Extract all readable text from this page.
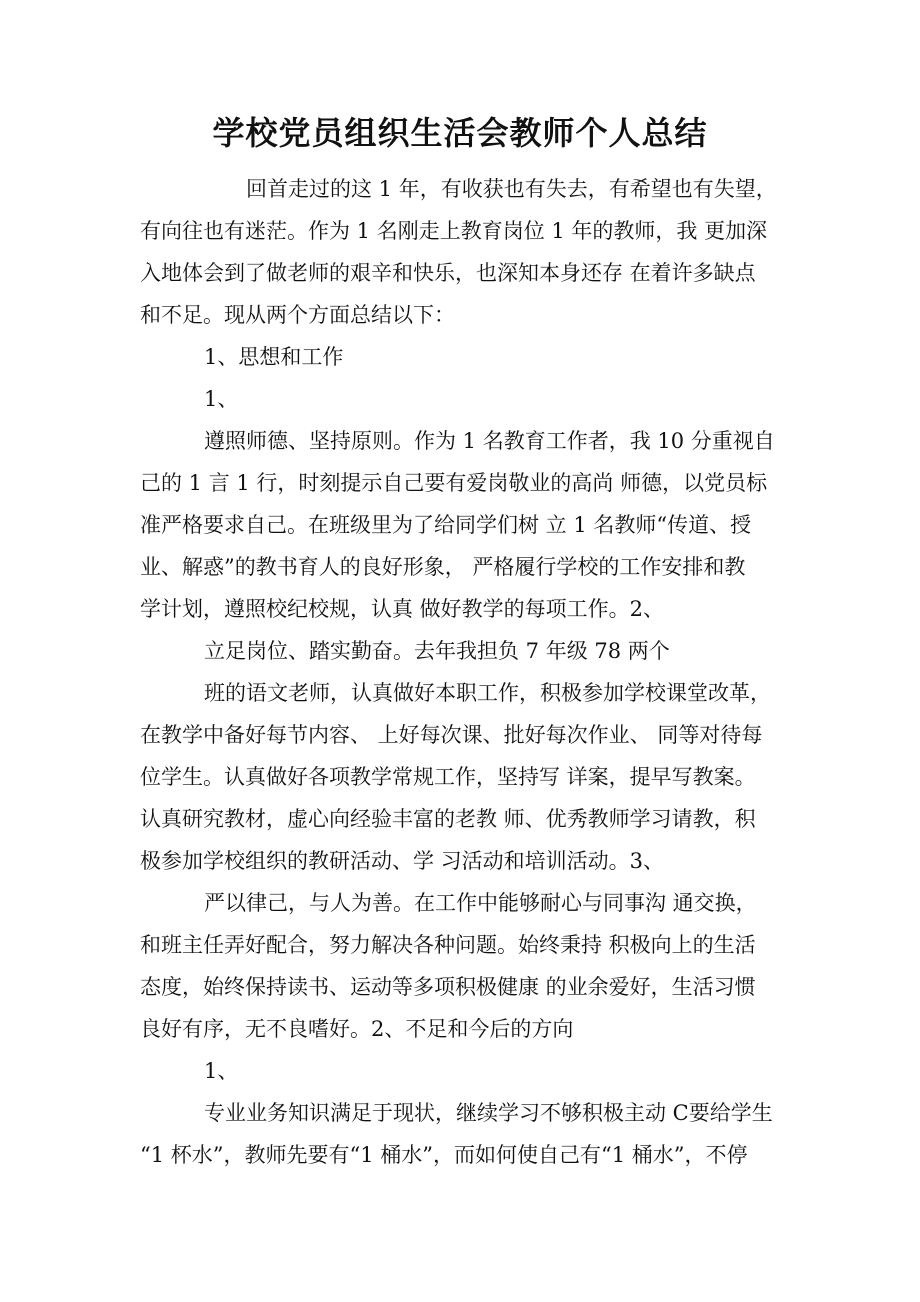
学校党员组织生活会教师个人总结

回首走过的这 1 年，有收获也有失去，有希望也有失望，

有向往也有迷茫。作为 1 名刚走上教育岗位 1 年的教师，我 更加深

入地体会到了做老师的艰辛和快乐，也深知本身还存 在着许多缺点

和不足。现从两个方面总结以下：

1、思想和工作

1、

遵照师德、坚持原则。作为 1 名教育工作者，我 10 分重视自

己的 1 言 1 行，时刻提示自己要有爱岗敬业的高尚 师德，以党员标

准严格要求自己。在班级里为了给同学们树 立 1 名教师“传道、授

业、解惑”的教书育人的良好形象， 严格履行学校的工作安排和教

学计划，遵照校纪校规，认真 做好教学的每项工作。2、

立足岗位、踏实勤奋。去年我担负 7 年级 78 两个

班的语文老师，认真做好本职工作，积极参加学校课堂改革，

在教学中备好每节内容、 上好每次课、批好每次作业、 同等对待每

位学生。认真做好各项教学常规工作，坚持写 详案，提早写教案。

认真研究教材，虚心向经验丰富的老教 师、优秀教师学习请教，积

极参加学校组织的教研活动、学 习活动和培训活动。3、

严以律己，与人为善。在工作中能够耐心与同事沟 通交换，

和班主任弄好配合，努力解决各种问题。始终秉持 积极向上的生活

态度，始终保持读书、运动等多项积极健康 的业余爱好，生活习惯

良好有序，无不良嗜好。2、不足和今后的方向

1、

专业业务知识满足于现状，继续学习不够积极主动 C要给学生

“1 杯水”，教师先要有“1 桶水”，而如何使自己有“1 桶水”，不停
